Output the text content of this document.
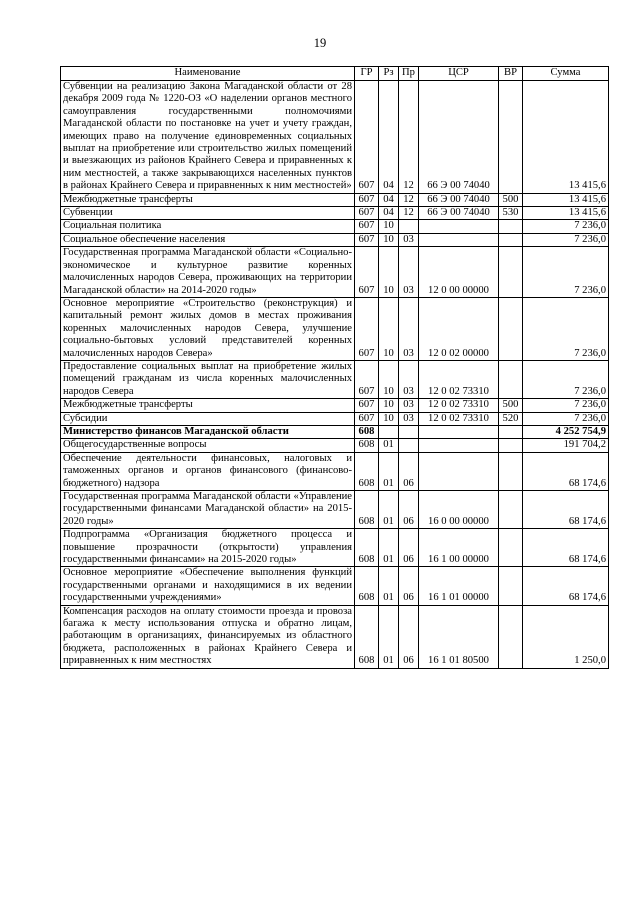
19
Наименование	ГР	Рз	Пр	ЦСР	ВР	Сумма
Субвенции на реализацию Закона Магаданской области от 28 декабря 2009 года № 1220-ОЗ «О наделении органов местного самоуправления государственными полномочиями Магаданской области по постановке на учет и учету граждан, имеющих право на получение единовременных социальных выплат на приобретение или строительство жилых помещений и выезжающих из районов Крайнего Севера и приравненных к ним местностей, а также закрывающихся населенных пунктов в районах Крайнего Севера и приравненных к ним местностей»	607	04	12	66 Э 00 74040		13 415,6
Межбюджетные трансферты	607	04	12	66 Э 00 74040	500	13 415,6
Субвенции	607	04	12	66 Э 00 74040	530	13 415,6
Социальная политика	607	10				7 236,0
Социальное обеспечение населения	607	10	03			7 236,0
Государственная программа Магаданской области «Социально-экономическое и культурное развитие коренных малочисленных народов Севера, проживающих на территории Магаданской области» на 2014-2020 годы»	607	10	03	12 0 00 00000		7 236,0
Основное мероприятие «Строительство (реконструкция) и капитальный ремонт жилых домов в местах проживания коренных малочисленных народов Севера, улучшение социально-бытовых условий представителей коренных малочисленных народов Севера»	607	10	03	12 0 02 00000		7 236,0
Предоставление социальных выплат на приобретение жилых помещений гражданам из числа коренных малочисленных народов Севера	607	10	03	12 0 02 73310		7 236,0
Межбюджетные трансферты	607	10	03	12 0 02 73310	500	7 236,0
Субсидии	607	10	03	12 0 02 73310	520	7 236,0
Министерство финансов Магаданской области	608					4 252 754,9
Общегосударственные вопросы	608	01				191 704,2
Обеспечение деятельности финансовых, налоговых и таможенных органов и органов финансового (финансово-бюджетного) надзора	608	01	06			68 174,6
Государственная программа Магаданской области «Управление государственными финансами Магаданской области» на 2015-2020 годы»	608	01	06	16 0 00 00000		68 174,6
Подпрограмма «Организация бюджетного процесса и повышение прозрачности (открытости) управления государственными финансами» на 2015-2020 годы»	608	01	06	16 1 00 00000		68 174,6
Основное мероприятие «Обеспечение выполнения функций государственными органами и находящимися в их ведении государственными учреждениями»	608	01	06	16 1 01 00000		68 174,6
Компенсация расходов на оплату стоимости проезда и провоза багажа к месту использования отпуска и обратно лицам, работающим в организациях, финансируемых из областного бюджета, расположенных в районах Крайнего Севера и приравненных к ним местностях	608	01	06	16 1 01 80500		1 250,0
